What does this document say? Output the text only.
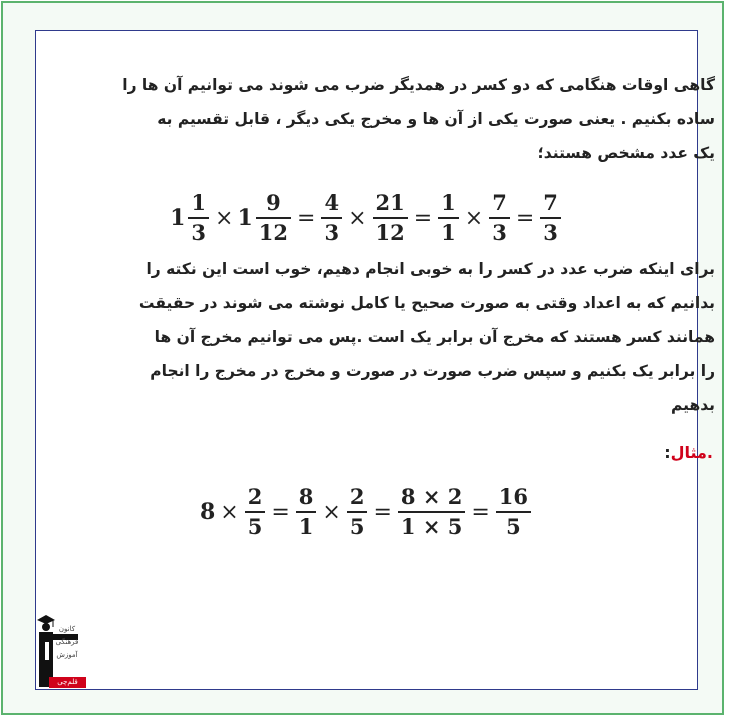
گاهی اوقات هنگامی که دو کسر در همدیگر ضرب می شوند می توانیم آن ها را
ساده بکنیم . یعنی صورت یکی از آن ها و مخرج یکی دیگر ، قابل تقسیم به
یک عدد مشخص هستند؛

$1 \frac{1}{3} \times 1 \frac{9}{12} = \frac{4}{3} \times \frac{21}{12} = \frac{1}{1} \times \frac{7}{3} = \frac{7}{3}$

برای اینکه ضرب عدد در کسر را به خوبی انجام دهیم، خوب است این نکته را
بدانیم که به اعداد وقتی به صورت صحیح یا کامل نوشته می شوند در حقیقت
همانند کسر هستند که مخرج آن برابر یک است .پس می توانیم مخرج آن ها
را برابر یک بکنیم و سپس ضرب صورت در صورت و مخرج در مخرج را انجام
بدهیم

.مثال:
$8 \times \frac{2}{5} = \frac{8}{1} \times \frac{2}{5} = \frac{8 \times 2}{1 \times 5} = \frac{16}{5}$
کانون
فرهنگی
آموزش
قلم‌چی
